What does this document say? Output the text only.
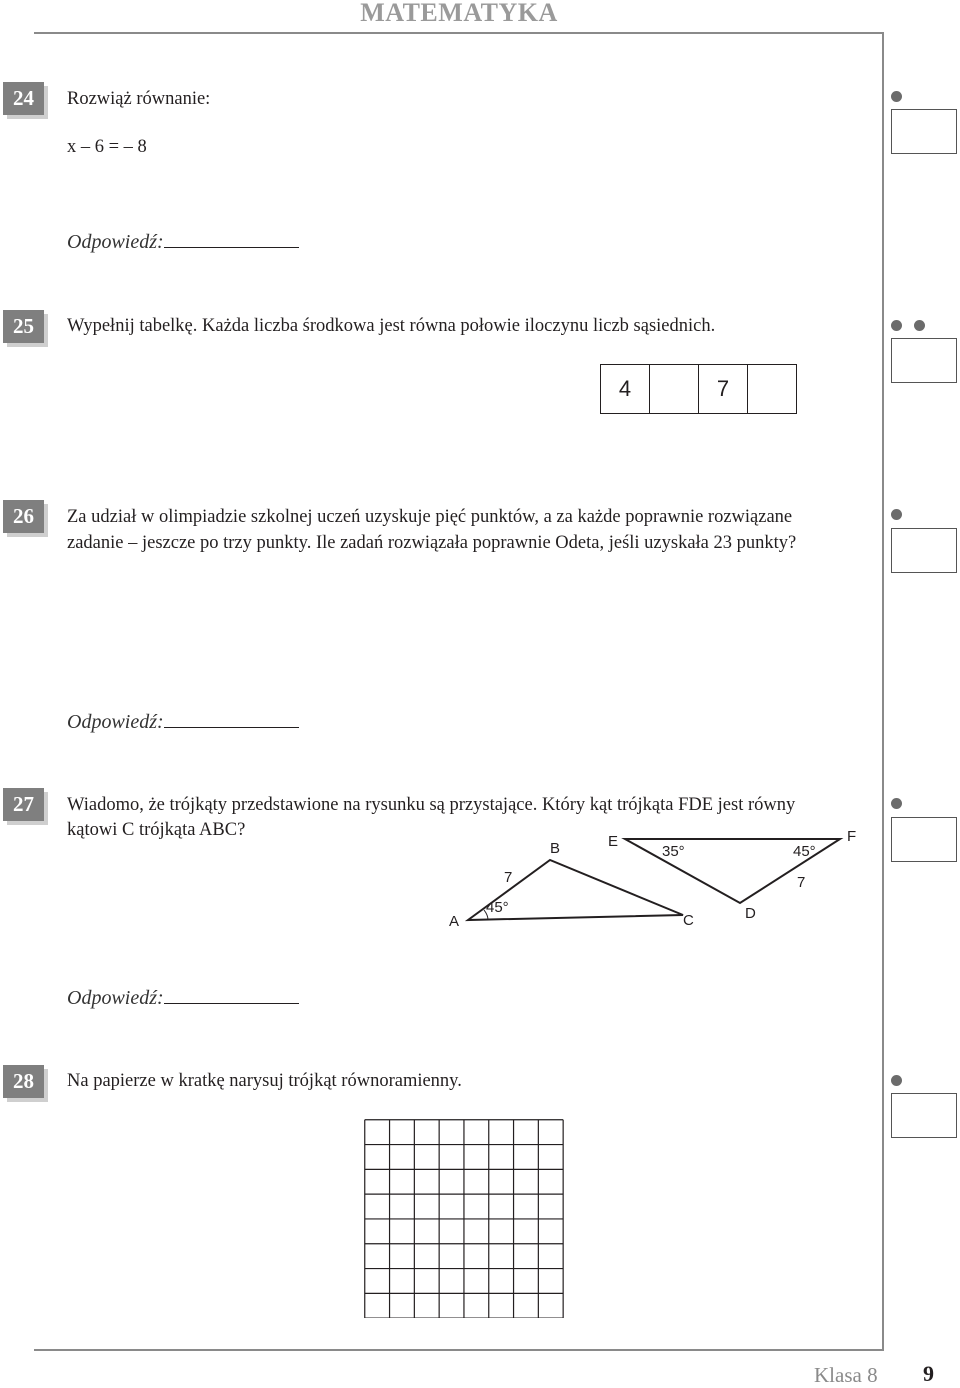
MATEMATYKA
24	Rozwiąż równanie:
x – 6 = – 8
Odpowiedź:
25	Wypełnij tabelkę. Każda liczba środkowa jest równa połowie iloczynu liczb sąsiednich.
4		7	
26	Za udział w olimpiadzie szkolnej uczeń uzyskuje pięć punktów, a za każde poprawnie rozwiązane
zadanie – jeszcze po trzy punkty. Ile zadań rozwiązała poprawnie Odeta, jeśli uzyskała 23 punkty?
Odpowiedź:
27	Wiadomo, że trójkąty przedstawione na rysunku są przystające. Który kąt trójkąta FDE jest równy
kątowi C trójkąta ABC?
A
B
C	D
E	F
7
45°
35°	45°
7
Odpowiedź:
28	Na papierze w kratkę narysuj trójkąt równoramienny.
Klasa 8 9
